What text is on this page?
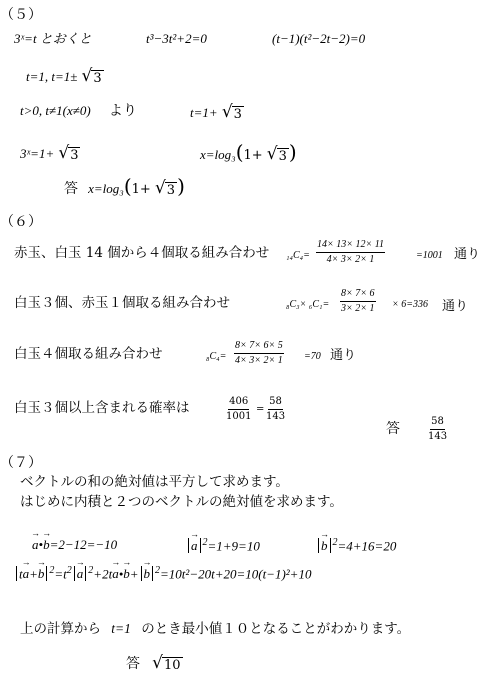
（５）
3ˣ=t とおくと	t³−3t²+2=0	(t−1)(t²−2t−2)=0
t=1, t=1± √ 3
t>0, t≠1(x≠0) より	t=1+ √ 3
3ˣ=1+ √ 3	x=log₃(1+ √ 3 )
答 x=log₃(1+ √ 3 )
（６）
赤玉、白玉 14 個から４個取る組み合わせ $_{14}C_4= \frac{14\times 13\times 12\times 11}{4\times 3\times 2\times 1}$	=1001 通り
白玉３個、赤玉１個取る組み合わせ	$_8C_3\times _6C_1= \frac{8\times 7\times 6}{3\times 2\times 1} \times 6=336$ 通り
白玉４個取る組み合わせ	$_8C_4= \frac{8\times 7\times 6\times 5}{4\times 3\times 2\times 1} =70$ 通り
白玉３個以上含まれる確率は	$\frac{406}{1001} = \frac{58}{143}$
答	$\frac{58}{143}$
（７）
ベクトルの和の絶対値は平方して求めます。
はじめに内積と２つのベクトルの絶対値を求めます。
→ a•→ b=2−12=−10	→ a $^2$=1+9=10	→ b $^2$=4+16=20
t→ a+→ b $^2=t^2 \to a$ $^2$+2t→ a•→ b+ → b $^2$=10t²−20t+20=10(t−1)²+10
上の計算から t=1 のとき最小値１０となることがわかります。
答 √ 10
